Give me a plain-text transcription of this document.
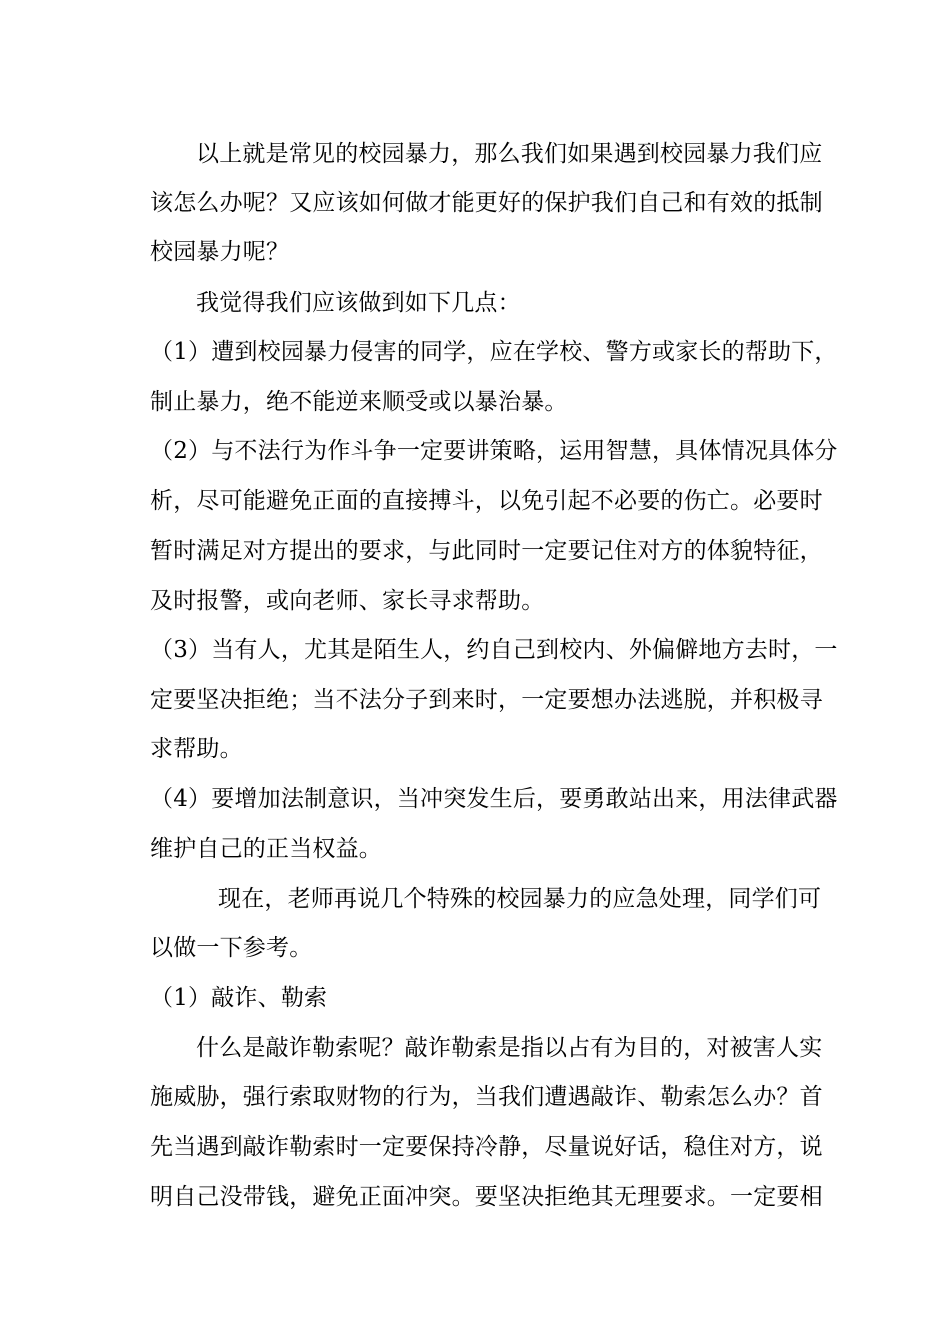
以上就是常见的校园暴力，那么我们如果遇到校园暴力我们应
该怎么办呢？又应该如何做才能更好的保护我们自己和有效的抵制
校园暴力呢？
我觉得我们应该做到如下几点：
（1）遭到校园暴力侵害的同学，应在学校、警方或家长的帮助下，
制止暴力，绝不能逆来顺受或以暴治暴。
（2）与不法行为作斗争一定要讲策略，运用智慧，具体情况具体分
析，尽可能避免正面的直接搏斗，以免引起不必要的伤亡。必要时
暂时满足对方提出的要求，与此同时一定要记住对方的体貌特征，
及时报警，或向老师、家长寻求帮助。
（3）当有人，尤其是陌生人，约自己到校内、外偏僻地方去时，一
定要坚决拒绝；当不法分子到来时，一定要想办法逃脱，并积极寻
求帮助。
（4）要增加法制意识，当冲突发生后，要勇敢站出来，用法律武器
维护自己的正当权益。
现在，老师再说几个特殊的校园暴力的应急处理，同学们可
以做一下参考。
（1）敲诈、勒索
什么是敲诈勒索呢？敲诈勒索是指以占有为目的，对被害人实
施威胁，强行索取财物的行为，当我们遭遇敲诈、勒索怎么办？首
先当遇到敲诈勒索时一定要保持冷静，尽量说好话，稳住对方，说
明自己没带钱，避免正面冲突。要坚决拒绝其无理要求。一定要相
